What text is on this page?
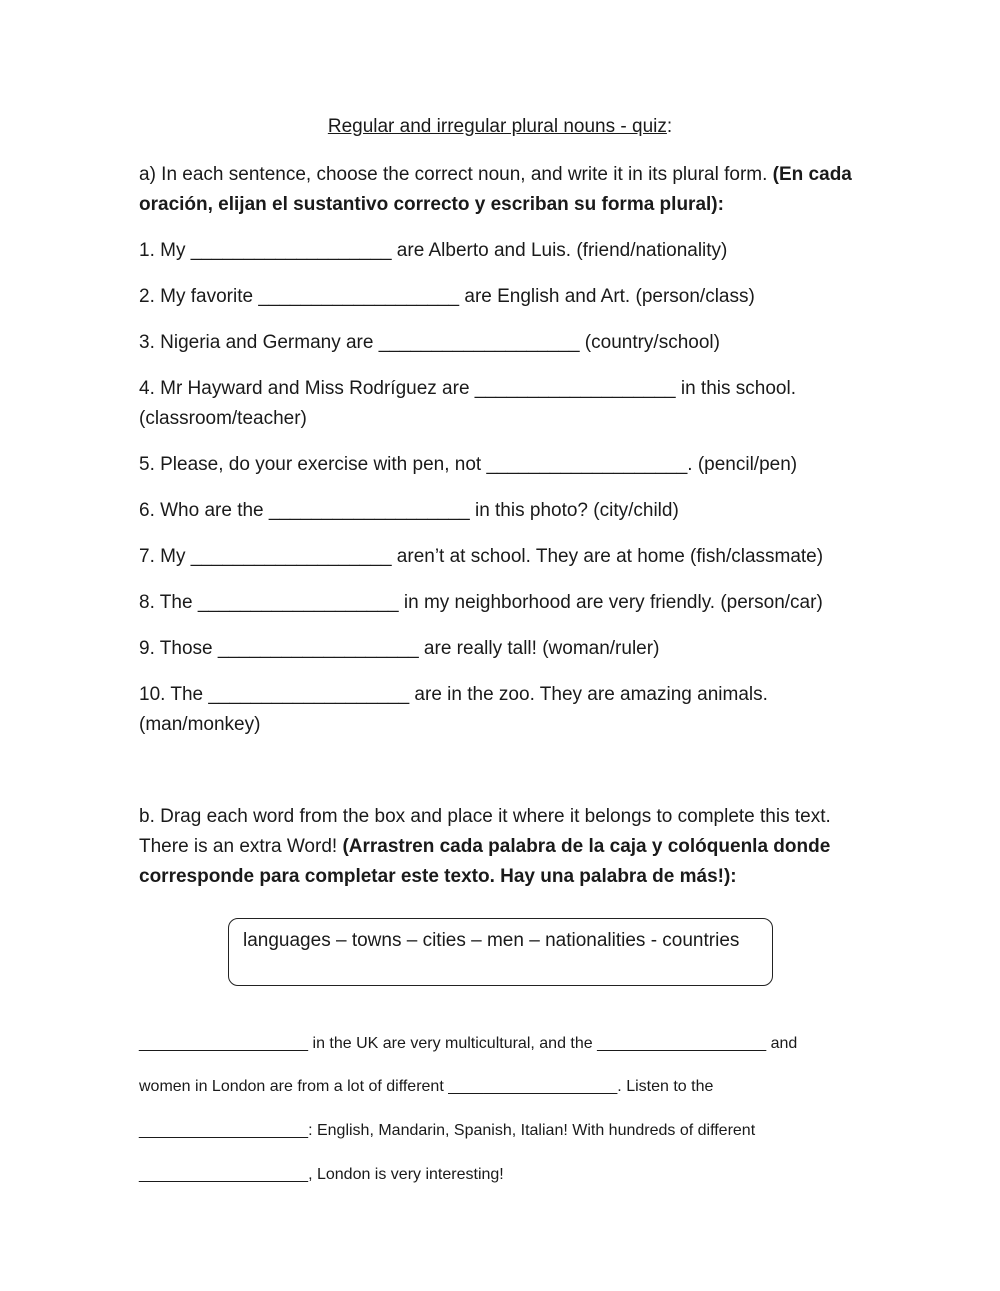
Regular and irregular plural nouns - quiz:
a) In each sentence, choose the correct noun, and write it in its plural form. (En cada oración, elijan el sustantivo correcto y escriban su forma plural):
1. My ___________________ are Alberto and Luis. (friend/nationality)
2. My favorite ___________________ are English and Art. (person/class)
3. Nigeria and Germany are ___________________ (country/school)
4. Mr Hayward and Miss Rodríguez are ___________________ in this school.
(classroom/teacher)
5. Please, do your exercise with pen, not ___________________. (pencil/pen)
6. Who are the ___________________ in this photo? (city/child)
7. My ___________________ aren’t at school. They are at home (fish/classmate)
8. The ___________________ in my neighborhood are very friendly. (person/car)
9. Those ___________________ are really tall! (woman/ruler)
10. The ___________________ are in the zoo. They are amazing animals.
(man/monkey)
b. Drag each word from the box and place it where it belongs to complete this text. There is an extra Word! (Arrastren cada palabra de la caja y colóquenla donde corresponde para completar este texto. Hay una palabra de más!):
languages – towns – cities – men – nationalities - countries
___________________ in the UK are very multicultural, and the ___________________ and
women in London are from a lot of different ___________________. Listen to the
___________________: English, Mandarin, Spanish, Italian! With hundreds of different
___________________, London is very interesting!
